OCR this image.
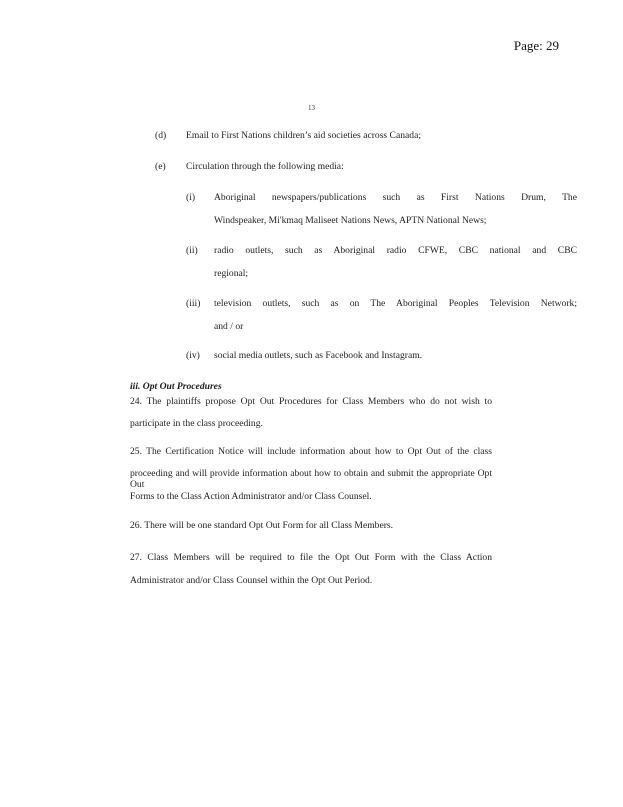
Page: 29
13
(d) Email to First Nations children’s aid societies across Canada;
(e) Circulation through the following media:
(i) Aboriginal newspapers/publications such as First Nations Drum, The
Windspeaker, Mi'kmaq Maliseet Nations News, APTN National News;
(ii) radio outlets, such as Aboriginal radio CFWE, CBC national and CBC
regional;
(iii) television outlets, such as on The Aboriginal Peoples Television Network;
and / or
(iv) social media outlets, such as Facebook and Instagram.
iii. Opt Out Procedures
24. The plaintiffs propose Opt Out Procedures for Class Members who do not wish to
participate in the class proceeding.
25. The Certification Notice will include information about how to Opt Out of the class
proceeding and will provide information about how to obtain and submit the appropriate Opt Out
Forms to the Class Action Administrator and/or Class Counsel.
26. There will be one standard Opt Out Form for all Class Members.
27. Class Members will be required to file the Opt Out Form with the Class Action
Administrator and/or Class Counsel within the Opt Out Period.
